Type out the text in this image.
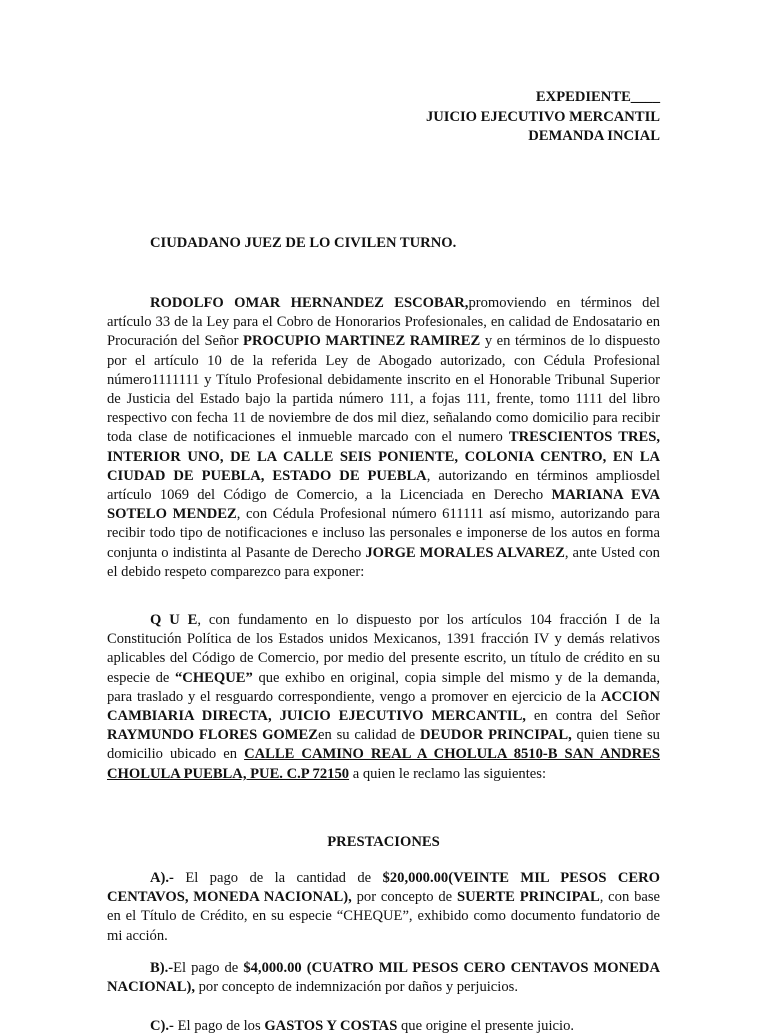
EXPEDIENTE____
JUICIO EJECUTIVO MERCANTIL
DEMANDA INCIAL
CIUDADANO JUEZ DE LO CIVILEN TURNO.

RODOLFO OMAR HERNANDEZ ESCOBAR,promoviendo en términos del artículo 33 de la Ley para el Cobro de Honorarios Profesionales, en calidad de Endosatario en Procuración del Señor PROCUPIO MARTINEZ RAMIREZ y en términos de lo dispuesto por el artículo 10 de la referida Ley de Abogado autorizado, con Cédula Profesional número1111111 y Título Profesional debidamente inscrito en el Honorable Tribunal Superior de Justicia del Estado bajo la partida número 111, a fojas 111, frente, tomo 1111 del libro respectivo con fecha 11 de noviembre de dos mil diez, señalando como domicilio para recibir toda clase de notificaciones el inmueble marcado con el numero TRESCIENTOS TRES, INTERIOR UNO, DE LA CALLE SEIS PONIENTE, COLONIA CENTRO, EN LA CIUDAD DE PUEBLA, ESTADO DE PUEBLA, autorizando en términos ampliosdel artículo 1069 del Código de Comercio, a la Licenciada en Derecho MARIANA EVA SOTELO MENDEZ, con Cédula Profesional número 611111 así mismo, autorizando para recibir todo tipo de notificaciones e incluso las personales e imponerse de los autos en forma conjunta o indistinta al Pasante de Derecho JORGE MORALES ALVAREZ, ante Usted con el debido respeto comparezco para exponer:

Q U E, con fundamento en lo dispuesto por los artículos 104 fracción I de la Constitución Política de los Estados unidos Mexicanos, 1391 fracción IV y demás relativos aplicables del Código de Comercio, por medio del presente escrito, un título de crédito en su especie de “CHEQUE” que exhibo en original, copia simple del mismo y de la demanda, para traslado y el resguardo correspondiente, vengo a promover en ejercicio de la ACCION CAMBIARIA DIRECTA, JUICIO EJECUTIVO MERCANTIL, en contra del Señor RAYMUNDO FLORES GOMEZen su calidad de DEUDOR PRINCIPAL, quien tiene su domicilio ubicado en CALLE CAMINO REAL A CHOLULA 8510-B SAN ANDRES CHOLULA PUEBLA, PUE. C.P 72150 a quien le reclamo las siguientes:

PRESTACIONES

A).- El pago de la cantidad de $20,000.00(VEINTE MIL PESOS CERO CENTAVOS, MONEDA NACIONAL), por concepto de SUERTE PRINCIPAL, con base en el Título de Crédito, en su especie “CHEQUE”, exhibido como documento fundatorio de mi acción.

B).-El pago de $4,000.00 (CUATRO MIL PESOS CERO CENTAVOS MONEDA NACIONAL), por concepto de indemnización por daños y perjuicios.

C).- El pago de los GASTOS Y COSTAS que origine el presente juicio.
